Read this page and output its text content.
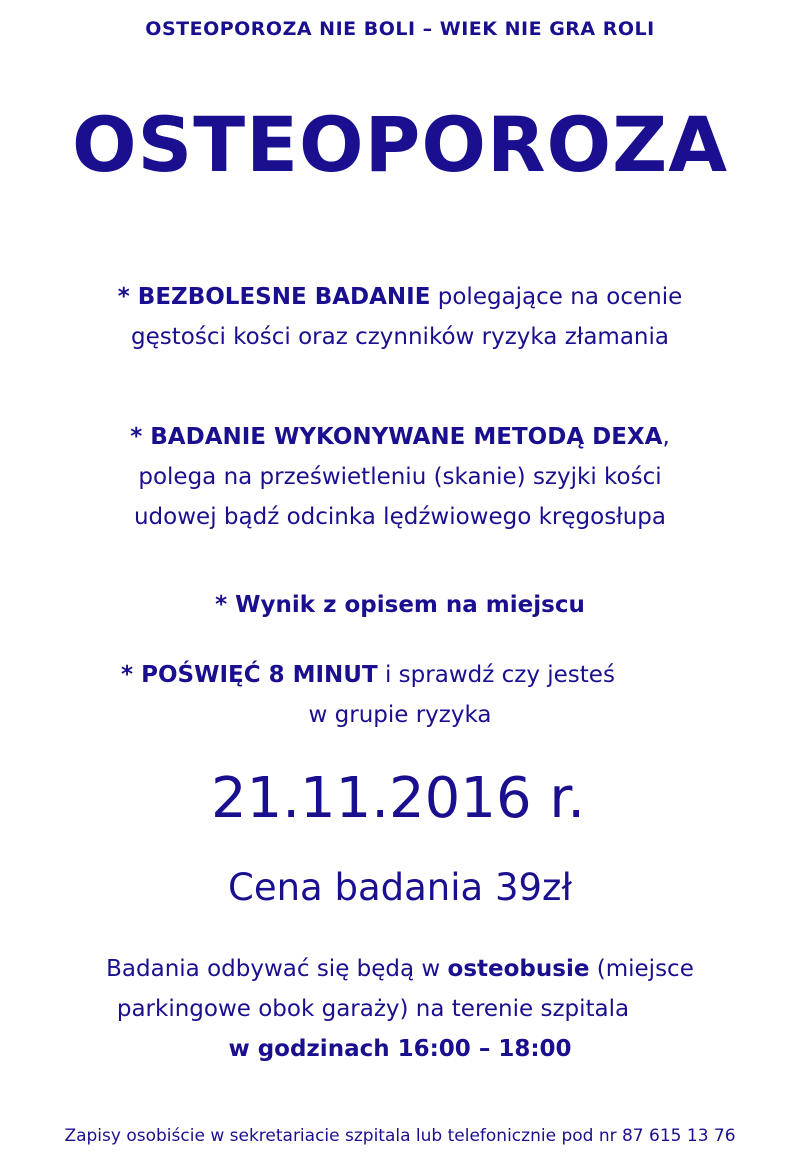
OSTEOPOROZA NIE BOLI – WIEK NIE GRA ROLI
OSTEOPOROZA
* BEZBOLESNE BADANIE polegające na ocenie
gęstości kości oraz czynników ryzyka złamania
* BADANIE WYKONYWANE METODĄ DEXA,
polega na prześwietleniu (skanie) szyjki kości
udowej bądź odcinka lędźwiowego kręgosłupa
* Wynik z opisem na miejscu
* POŚWIĘĆ 8 MINUT i sprawdź czy jesteś
w grupie ryzyka
21.11.2016 r.
Cena badania 39zł
Badania odbywać się będą w osteobusie (miejsce
parkingowe obok garaży) na terenie szpitala
w godzinach 16:00 – 18:00
Zapisy osobiście w sekretariacie szpitala lub telefonicznie pod nr 87 615 13 76
